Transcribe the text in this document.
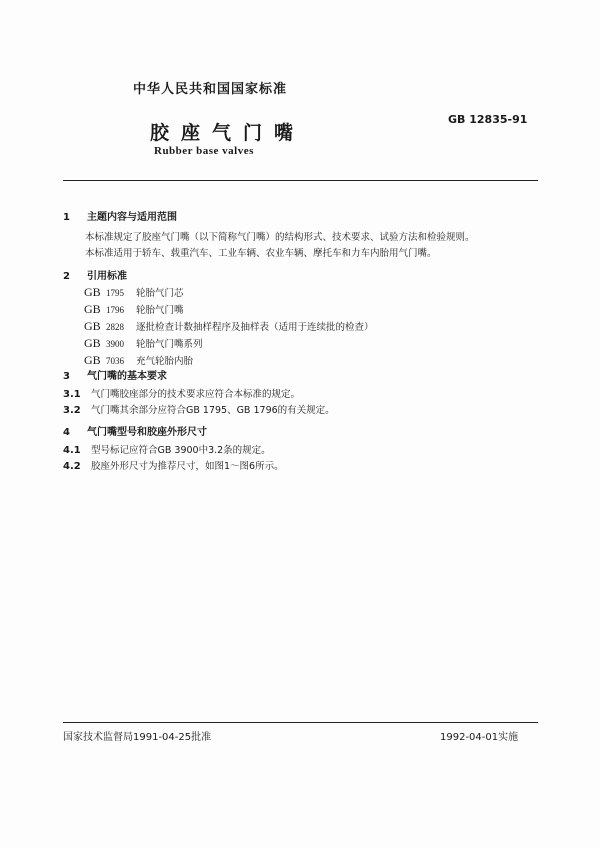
中华人民共和国国家标准
胶座气门嘴
GB 12835-91
Rubber base valves
1 主题内容与适用范围
本标准规定了胶座气门嘴（以下简称气门嘴）的结构形式、技术要求、试验方法和检验规则。
本标准适用于轿车、载重汽车、工业车辆、农业车辆、摩托车和力车内胎用气门嘴。
2 引用标准
GB 1795 轮胎气门芯
GB 1796 轮胎气门嘴
GB 2828 逐批检查计数抽样程序及抽样表（适用于连续批的检查）
GB 3900 轮胎气门嘴系列
GB 7036 充气轮胎内胎
3 气门嘴的基本要求
3.1 气门嘴胶座部分的技术要求应符合本标准的规定。
3.2 气门嘴其余部分应符合GB 1795、GB 1796的有关规定。
4 气门嘴型号和胶座外形尺寸
4.1 型号标记应符合GB 3900中3.2条的规定。
4.2 胶座外形尺寸为推荐尺寸，如图1～图6所示。
国家技术监督局1991-04-25批准	1992-04-01实施
